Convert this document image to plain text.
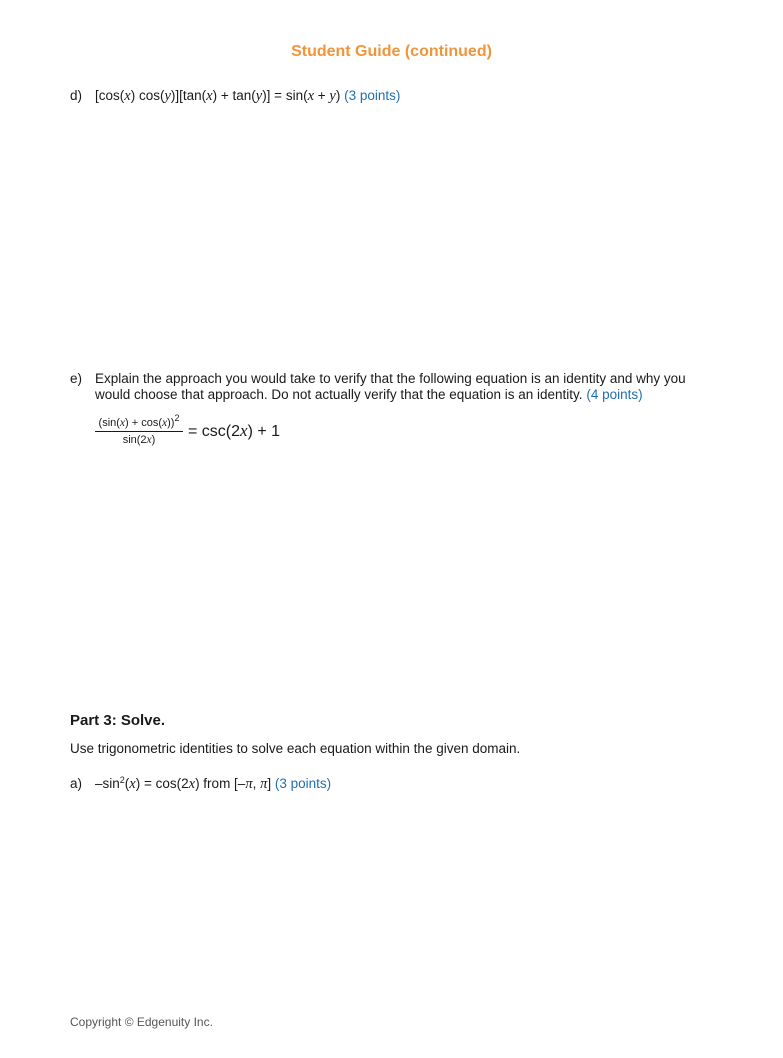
Student Guide (continued)
d) [cos(x) cos(y)][tan(x) + tan(y)] = sin(x + y) (3 points)
e) Explain the approach you would take to verify that the following equation is an identity and why you would choose that approach. Do not actually verify that the equation is an identity. (4 points)
$\frac{(\sin(x) + \cos(x))^2}{\sin(2x)} = \csc(2x) + 1$
Part 3: Solve.
Use trigonometric identities to solve each equation within the given domain.
a) $-\sin^2(x) = \cos(2x)$ from [–π, π] (3 points)
Copyright © Edgenuity Inc.
